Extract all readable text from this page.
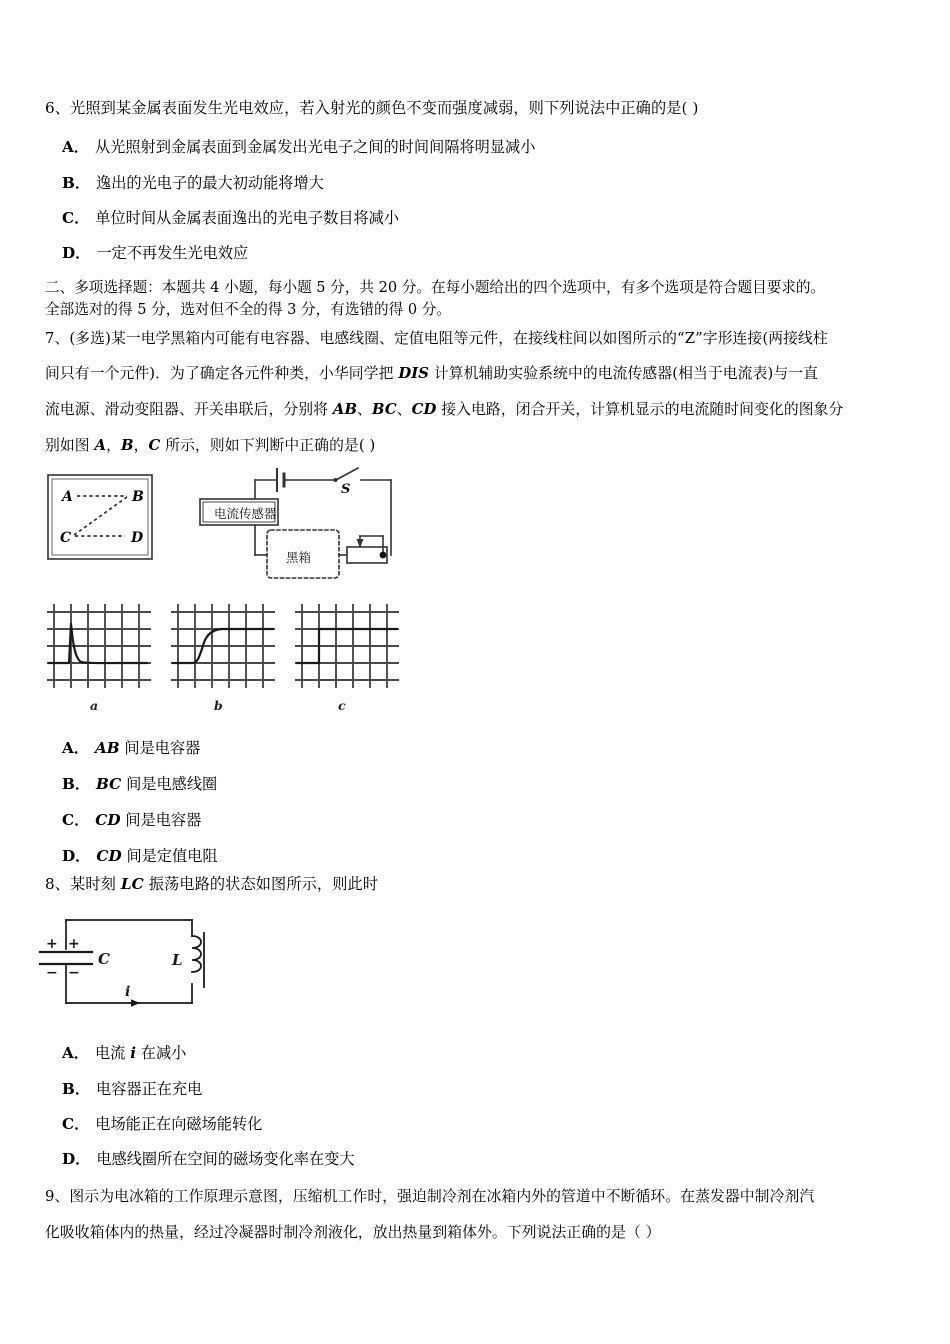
6、光照到某金属表面发生光电效应，若入射光的颜色不变而强度减弱，则下列说法中正确的是( )
A． 从光照射到金属表面到金属发出光电子之间的时间间隔将明显减小
B． 逸出的光电子的最大初动能将增大
C． 单位时间从金属表面逸出的光电子数目将减小
D． 一定不再发生光电效应
二、多项选择题：本题共 4 小题，每小题 5 分，共 20 分。在每小题给出的四个选项中，有多个选项是符合题目要求的。
全部选对的得 5 分，选对但不全的得 3 分，有选错的得 0 分。
7、(多选)某一电学黑箱内可能有电容器、电感线圈、定值电阻等元件，在接线柱间以如图所示的“Z”字形连接(两接线柱
间只有一个元件)．为了确定各元件种类，小华同学把 DIS 计算机辅助实验系统中的电流传感器(相当于电流表)与一直
流电源、滑动变阻器、开关串联后，分别将 AB、BC、CD 接入电路，闭合开关，计算机显示的电流随时间变化的图象分
别如图 A，B，C 所示，则如下判断中正确的是( )
A	B
C	D
电流传感器
黑箱
S
a	b	c
A． AB 间是电容器
B． BC 间是电感线圈
C． CD 间是电容器
D． CD 间是定值电阻
8、某时刻 LC 振荡电路的状态如图所示，则此时
+ +
− −
C	L
i
A． 电流 i 在减小
B． 电容器正在充电
C． 电场能正在向磁场能转化
D． 电感线圈所在空间的磁场变化率在变大
9、图示为电冰箱的工作原理示意图，压缩机工作时，强迫制冷剂在冰箱内外的管道中不断循环。在蒸发器中制冷剂汽
化吸收箱体内的热量，经过冷凝器时制冷剂液化，放出热量到箱体外。下列说法正确的是（ ）
